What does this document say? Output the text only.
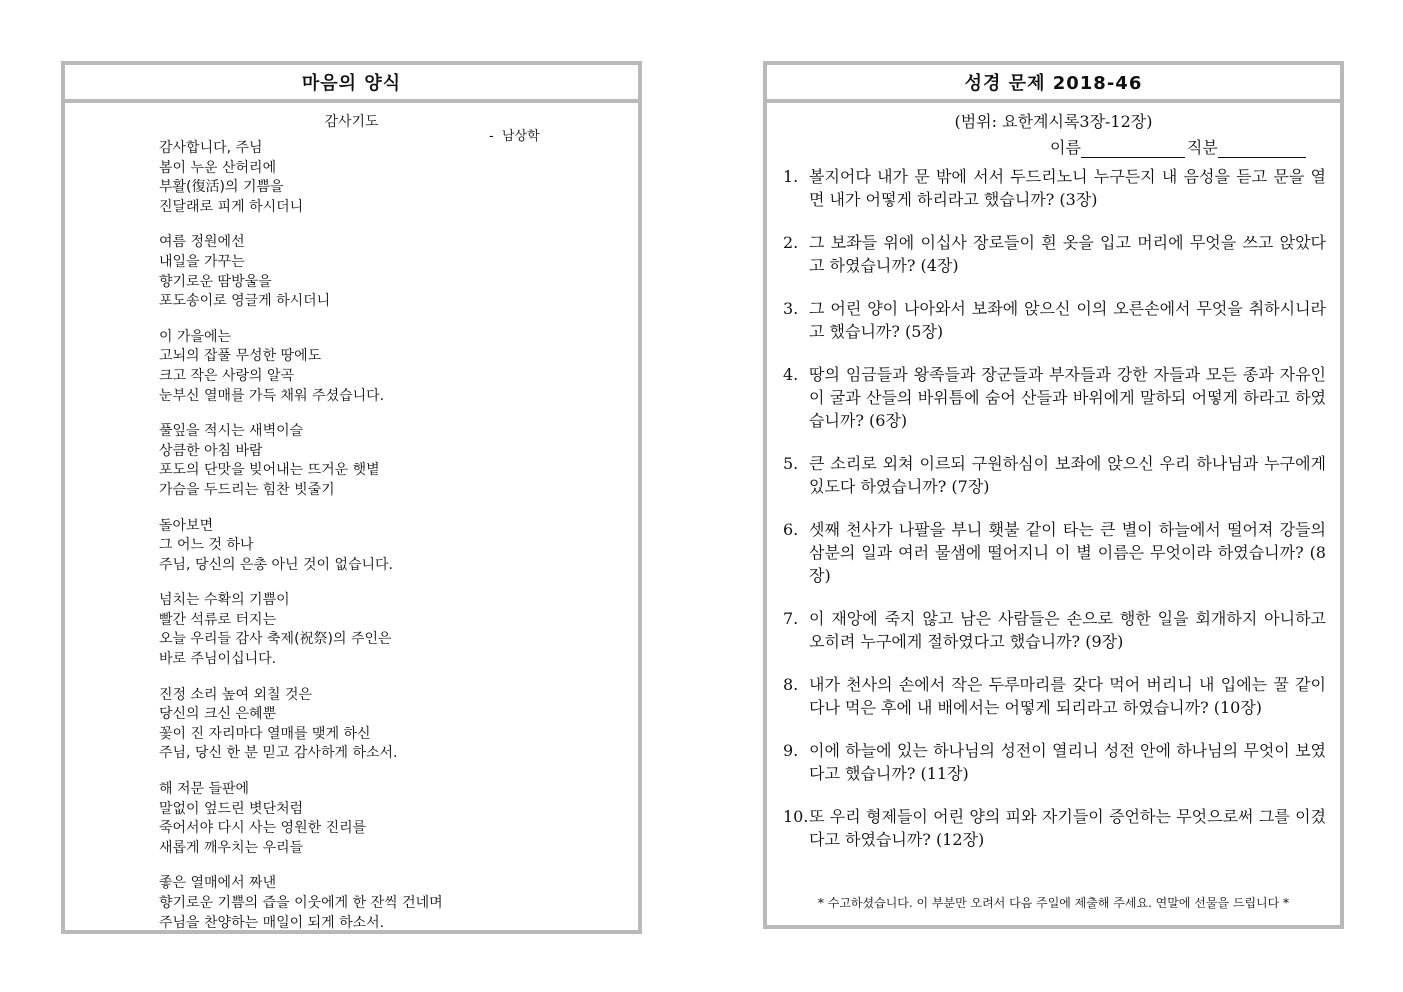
마음의 양식
감사기도
-  남상학
감사합니다, 주님
봄이 누운 산허리에
부활(復活)의 기쁨을
진달래로 피게 하시더니
여름 정원에선
내일을 가꾸는
향기로운 땀방울을
포도송이로 영글게 하시더니
이 가을에는
고뇌의 잡풀 무성한 땅에도
크고 작은 사랑의 알곡
눈부신 열매를 가득 채워 주셨습니다.
풀잎을 적시는 새벽이슬
상큼한 아침 바람
포도의 단맛을 빚어내는 뜨거운 햇볕
가슴을 두드리는 힘찬 빗줄기
돌아보면
그 어느 것 하나
주님, 당신의 은총 아닌 것이 없습니다.
넘치는 수확의 기쁨이
빨간 석류로 터지는
오늘 우리들 감사 축제(祝祭)의 주인은
바로 주님이십니다.
진정 소리 높여 외칠 것은
당신의 크신 은혜뿐
꽃이 진 자리마다 열매를 맺게 하신
주님, 당신 한 분 믿고 감사하게 하소서.
해 저문 들판에
말없이 엎드린 볏단처럼
죽어서야 다시 사는 영원한 진리를
새롭게 깨우치는 우리들
좋은 열매에서 짜낸
향기로운 기쁨의 즙을 이웃에게 한 잔씩 건네며
주님을 찬양하는 매일이 되게 하소서.
성경 문제 2018-46
(범위: 요한계시록3장-12장)
이름	직분
1. 볼지어다 내가 문 밖에 서서 두드리노니 누구든지 내 음성을 듣고 문을 열면 내가 어떻게 하리라고 했습니까? (3장)
2. 그 보좌들 위에 이십사 장로들이 흰 옷을 입고 머리에 무엇을 쓰고 앉았다고 하였습니까? (4장)
3. 그 어린 양이 나아와서 보좌에 앉으신 이의 오른손에서 무엇을 취하시니라고 했습니까? (5장)
4. 땅의 임금들과 왕족들과 장군들과 부자들과 강한 자들과 모든 종과 자유인이 굴과 산들의 바위틈에 숨어 산들과 바위에게 말하되 어떻게 하라고 하였습니까? (6장)
5. 큰 소리로 외쳐 이르되 구원하심이 보좌에 앉으신 우리 하나님과 누구에게 있도다 하였습니까? (7장)
6. 셋째 천사가 나팔을 부니 횃불 같이 타는 큰 별이 하늘에서 떨어져 강들의 삼분의 일과 여러 물샘에 떨어지니 이 별 이름은 무엇이라 하였습니까? (8장)
7. 이 재앙에 죽지 않고 남은 사람들은 손으로 행한 일을 회개하지 아니하고 오히려 누구에게 절하였다고 했습니까? (9장)
8. 내가 천사의 손에서 작은 두루마리를 갖다 먹어 버리니 내 입에는 꿀 같이 다나 먹은 후에 내 배에서는 어떻게 되리라고 하였습니까? (10장)
9. 이에 하늘에 있는 하나님의 성전이 열리니 성전 안에 하나님의 무엇이 보였다고 했습니까? (11장)
10. 또 우리 형제들이 어린 양의 피와 자기들이 증언하는 무엇으로써 그를 이겼다고 하였습니까? (12장)
* 수고하셨습니다. 이 부분만 오려서 다음 주일에 제출해 주세요. 연말에 선물을 드립니다 *
